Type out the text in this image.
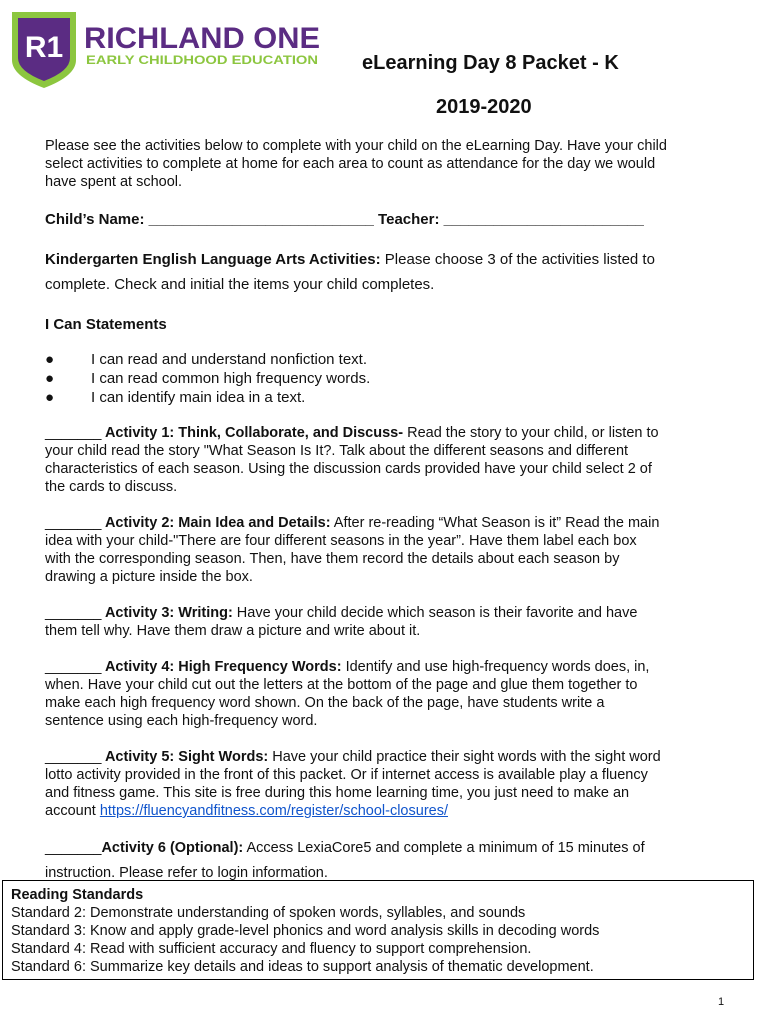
R1 RICHLAND ONE
EARLY CHILDHOOD EDUCATION eLearning Day 8 Packet - K
2019-2020
Please see the activities below to complete with your child on the eLearning Day. Have your child select activities to complete at home for each area to count as attendance for the day we would have spent at school.
Child’s Name: ___________________________ Teacher: ________________________
Kindergarten English Language Arts Activities: Please choose 3 of the activities listed to complete. Check and initial the items your child completes.
I Can Statements
● I can read and understand nonfiction text.
● I can read common high frequency words.
● I can identify main idea in a text.
_______ Activity 1: Think, Collaborate, and Discuss- Read the story to your child, or listen to your child read the story "What Season Is It?. Talk about the different seasons and different characteristics of each season. Using the discussion cards provided have your child select 2 of the cards to discuss.
_______ Activity 2: Main Idea and Details: After re-reading “What Season is it” Read the main idea with your child-"There are four different seasons in the year”. Have them label each box with the corresponding season. Then, have them record the details about each season by drawing a picture inside the box.
_______ Activity 3: Writing: Have your child decide which season is their favorite and have them tell why. Have them draw a picture and write about it.
_______ Activity 4: High Frequency Words: Identify and use high-frequency words does, in, when. Have your child cut out the letters at the bottom of the page and glue them together to make each high frequency word shown. On the back of the page, have students write a sentence using each high-frequency word.
_______ Activity 5: Sight Words: Have your child practice their sight words with the sight word lotto activity provided in the front of this packet. Or if internet access is available play a fluency and fitness game. This site is free during this home learning time, you just need to make an account https://fluencyandfitness.com/register/school-closures/
_______Activity 6 (Optional): Access LexiaCore5 and complete a minimum of 15 minutes of instruction. Please refer to login information.
Reading Standards
Standard 2: Demonstrate understanding of spoken words, syllables, and sounds
Standard 3: Know and apply grade-level phonics and word analysis skills in decoding words
Standard 4: Read with sufficient accuracy and fluency to support comprehension.
Standard 6: Summarize key details and ideas to support analysis of thematic development.
1
